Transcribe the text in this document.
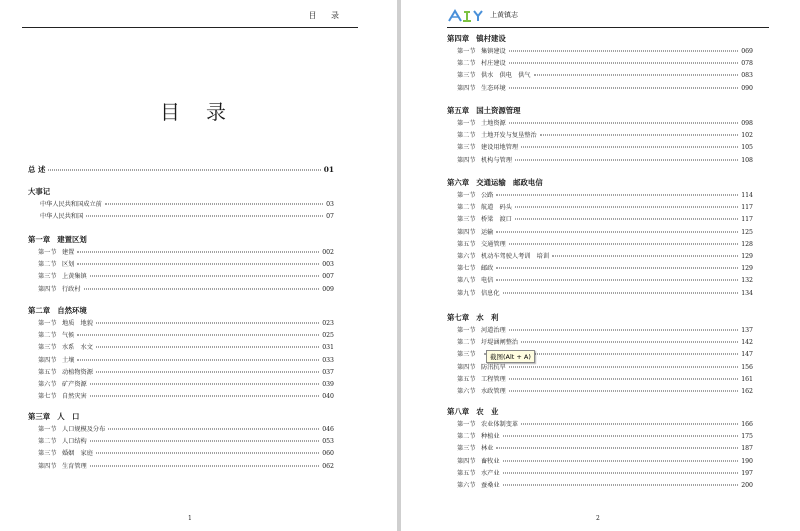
目 录
目录
总 述	01
大事记
中华人民共和国成立前	03
中华人民共和国	07
第一章 建置区划
第一节 建置	002
第二节 区划	003
第三节 上黄集镇	007
第四节 行政村	009
第二章 自然环境
第一节 地质　地貌	023
第二节 气候	025
第三节 水系　水文	031
第四节 土壤	033
第五节 动植物资源	037
第六节 矿产资源	039
第七节 自然灾害	040
第三章 人　口
第一节 人口规模及分布	046
第二节 人口结构	053
第三节 婚姻　家庭	060
第四节 生育管理	062
1
第四章 镇村建设
第一节 集镇建设	069
第二节 村庄建设	078
第三节 供水　供电　供气	083
第四节 生态环境	090
第五章 国土资源管理
第一节 土地资源	098
第二节 土地开发与复垦整治	102
第三节 建设用地管理	105
第四节 机构与管理	108
第六章 交通运输　邮政电信
第一节 公路	114
第二节 航道　码头	117
第三节 桥梁　渡口	117
第四节 运输	125
第五节 交通管理	128
第六节 机动车驾驶人考训　培训	129
第七节 邮政	129
第八节 电信	132
第九节 信息化	134
第七章 水　利
第一节 河道治理	137
第二节 圩堤涵闸整治	142
第三节	147
第四节 防汛抗旱	156
第五节 工程管理	161
第六节 水政管理	162
第八章 农　业
第一节 农业体制变革	166
第二节 种植业	175
第三节 林业	187
第四节 畜牧业	190
第五节 水产业	197
第六节 蚕桑业	200
2
上黄镇志
截图(Alt + A)
